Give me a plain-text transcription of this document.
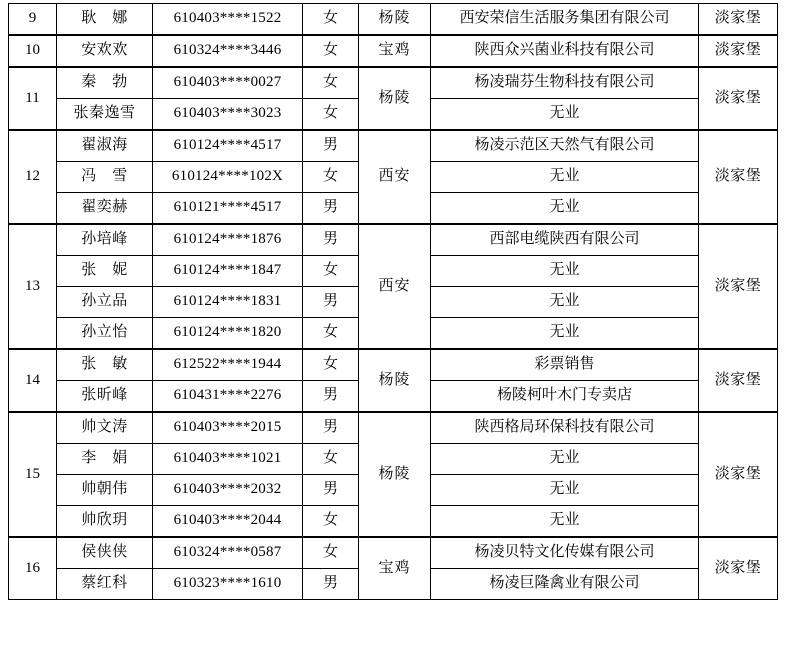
9	耿　娜	610403****1522	女	杨陵	西安荣信生活服务集团有限公司	淡家堡
10	安欢欢	610324****3446	女	宝鸡	陕西众兴菌业科技有限公司	淡家堡
11	秦　勃	610403****0027	女	杨陵	杨凌瑞芬生物科技有限公司	淡家堡
	张秦逸雪	610403****3023	女		无业	
12	翟淑海	610124****4517	男	西安	杨凌示范区天然气有限公司	淡家堡
	冯　雪	610124****102X	女		无业	
	翟奕赫	610121****4517	男		无业	
13	孙培峰	610124****1876	男	西安	西部电缆陕西有限公司	淡家堡
	张　妮	610124****1847	女		无业	
	孙立品	610124****1831	男		无业	
	孙立怡	610124****1820	女		无业	
14	张　敏	612522****1944	女	杨陵	彩票销售	淡家堡
	张昕峰	610431****2276	男		杨陵柯叶木门专卖店	
15	帅文涛	610403****2015	男	杨陵	陕西格局环保科技有限公司	淡家堡
	李　娟	610403****1021	女		无业	
	帅朝伟	610403****2032	男		无业	
	帅欣玥	610403****2044	女		无业	
16	侯侠侠	610324****0587	女	宝鸡	杨凌贝特文化传媒有限公司	淡家堡
	蔡红科	610323****1610	男		杨凌巨隆禽业有限公司	
